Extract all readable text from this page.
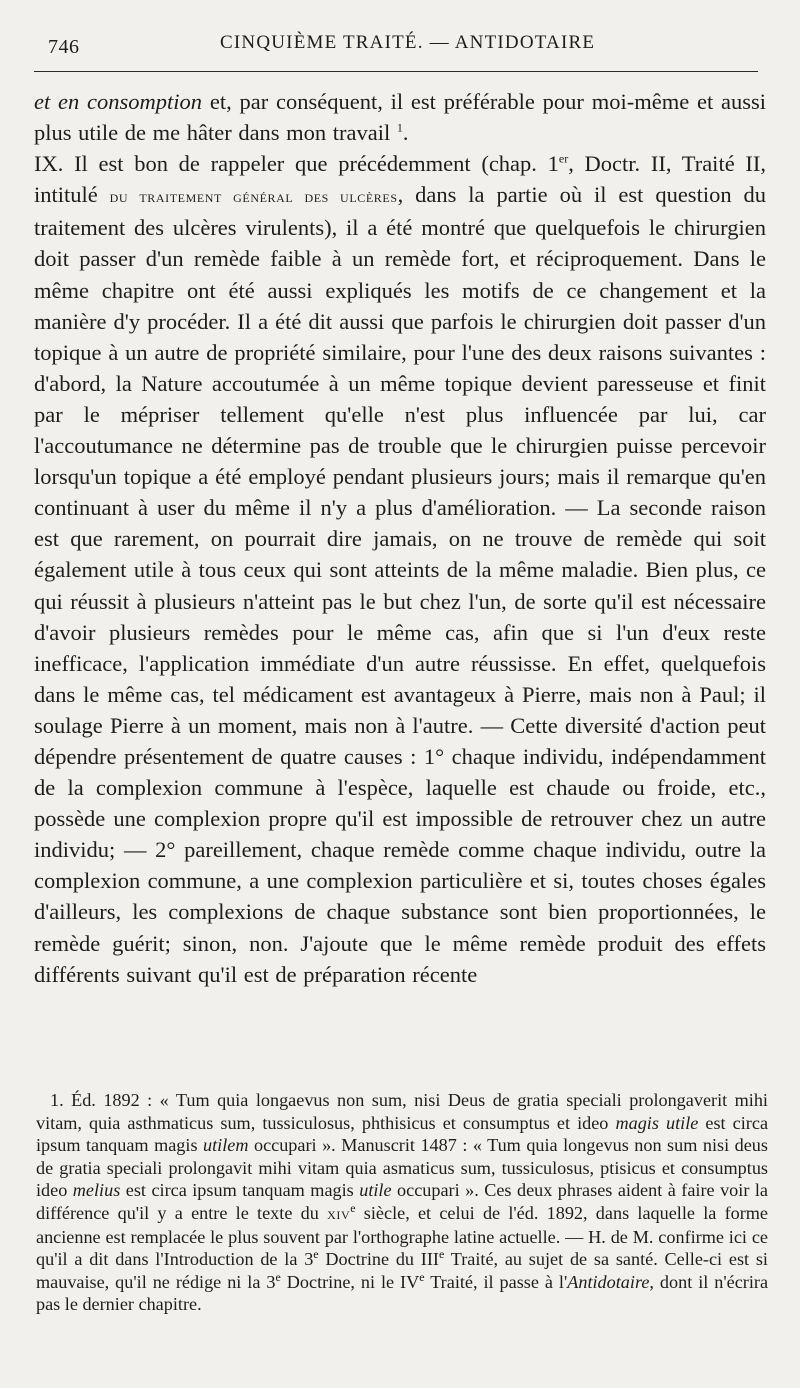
746	CINQUIÈME TRAITÉ. — ANTIDOTAIRE

et en consomption et, par conséquent, il est préférable pour moi-même et aussi plus utile de me hâter dans mon travail $^1$.

IX. Il est bon de rappeler que précédemment (chap. 1er, Doctr. II, Traité II, intitulé du traitement général des ulcères, dans la partie où il est question du traitement des ulcères virulents), il a été montré que quelquefois le chirurgien doit passer d'un remède faible à un remède fort, et réciproquement. Dans le même chapitre ont été aussi expliqués les motifs de ce changement et la manière d'y procéder. Il a été dit aussi que parfois le chirurgien doit passer d'un topique à un autre de propriété similaire, pour l'une des deux raisons suivantes : d'abord, la Nature accoutumée à un même topique devient paresseuse et finit par le mépriser tellement qu'elle n'est plus influencée par lui, car l'accoutumance ne détermine pas de trouble que le chirurgien puisse percevoir lorsqu'un topique a été employé pendant plusieurs jours; mais il remarque qu'en continuant à user du même il n'y a plus d'amélioration. — La seconde raison est que rarement, on pourrait dire jamais, on ne trouve de remède qui soit également utile à tous ceux qui sont atteints de la même maladie. Bien plus, ce qui réussit à plusieurs n'atteint pas le but chez l'un, de sorte qu'il est nécessaire d'avoir plusieurs remèdes pour le même cas, afin que si l'un d'eux reste inefficace, l'application immédiate d'un autre réussisse. En effet, quelquefois dans le même cas, tel médicament est avantageux à Pierre, mais non à Paul; il soulage Pierre à un moment, mais non à l'autre. — Cette diversité d'action peut dépendre présentement de quatre causes : 1° chaque individu, indépendamment de la complexion commune à l'espèce, laquelle est chaude ou froide, etc., possède une complexion propre qu'il est impossible de retrouver chez un autre individu; — 2° pareillement, chaque remède comme chaque individu, outre la complexion commune, a une complexion particulière et si, toutes choses égales d'ailleurs, les complexions de chaque substance sont bien proportionnées, le remède guérit; sinon, non. J'ajoute que le même remède produit des effets différents suivant qu'il est de préparation récente

1. Éd. 1892 : « Tum quia longaevus non sum, nisi Deus de gratia speciali prolongaverit mihi vitam, quia asthmaticus sum, tussiculosus, phthisicus et consumptus et ideo magis utile est circa ipsum tanquam magis utilem occupari ». Manuscrit 1487 : « Tum quia longevus non sum nisi deus de gratia speciali prolongavit mihi vitam quia asmaticus sum, tussiculosus, ptisicus et consumptus ideo melius est circa ipsum tanquam magis utile occupari ». Ces deux phrases aident à faire voir la différence qu'il y a entre le texte du xiv$^e$ siècle, et celui de l'éd. 1892, dans laquelle la forme ancienne est remplacée le plus souvent par l'orthographe latine actuelle. — H. de M. confirme ici ce qu'il a dit dans l'Introduction de la 3e Doctrine du IIIe Traité, au sujet de sa santé. Celle-ci est si mauvaise, qu'il ne rédige ni la 3e Doctrine, ni le IVe Traité, il passe à l'Antidotaire, dont il n'écrira pas le dernier chapitre.
